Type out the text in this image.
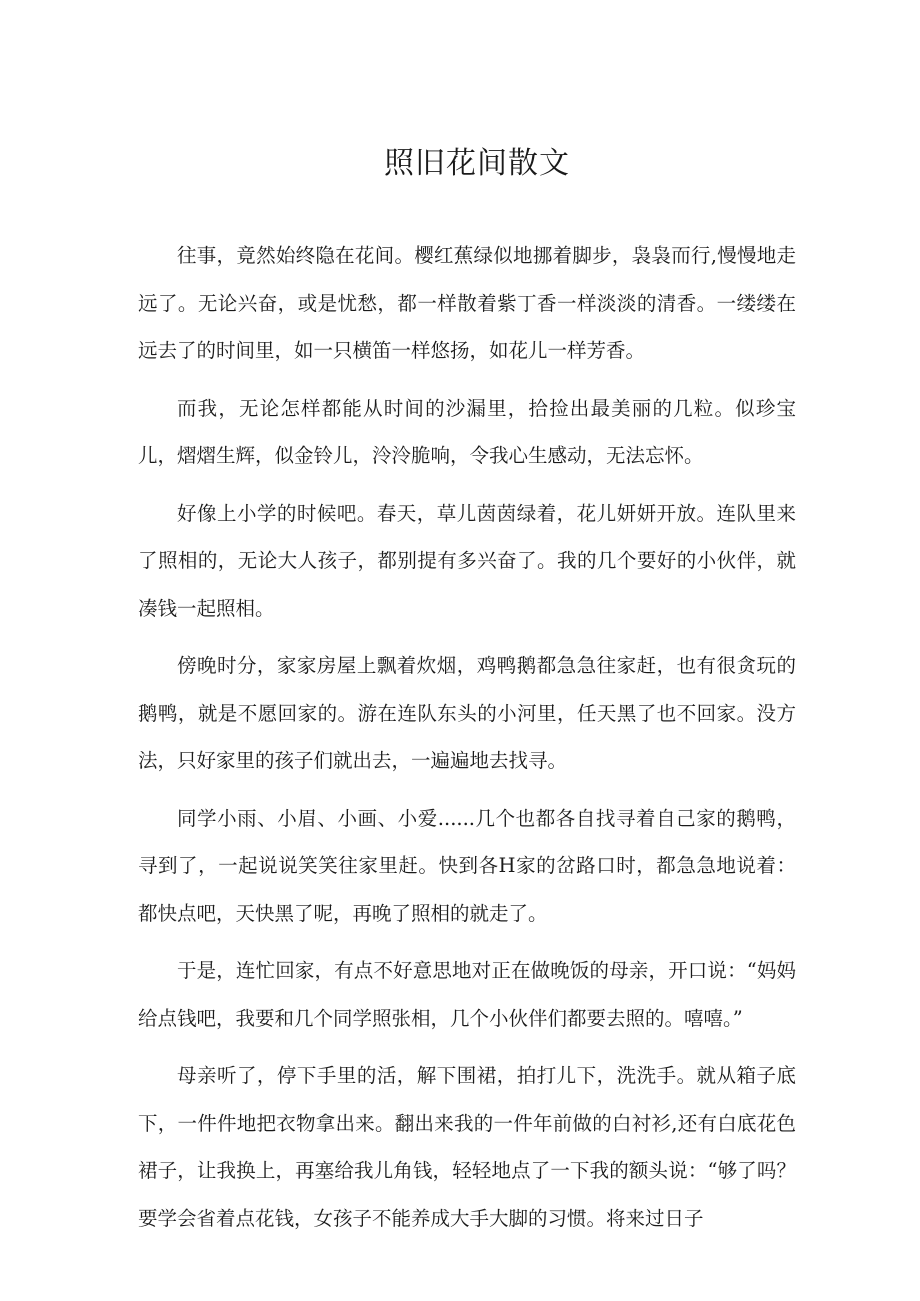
照旧花间散文

往事，竟然始终隐在花间。樱红蕉绿似地挪着脚步，袅袅而行,慢慢地走远了。无论兴奋，或是忧愁，都一样散着紫丁香一样淡淡的清香。一缕缕在远去了的时间里，如一只横笛一样悠扬，如花儿一样芳香。

而我，无论怎样都能从时间的沙漏里，拾捡出最美丽的几粒。似珍宝儿，熠熠生辉，似金铃儿，泠泠脆响，令我心生感动，无法忘怀。

好像上小学的时候吧。春天，草儿茵茵绿着，花儿妍妍开放。连队里来了照相的，无论大人孩子，都别提有多兴奋了。我的几个要好的小伙伴，就凑钱一起照相。

傍晚时分，家家房屋上飘着炊烟，鸡鸭鹅都急急往家赶，也有很贪玩的鹅鸭，就是不愿回家的。游在连队东头的小河里，任天黑了也不回家。没方法，只好家里的孩子们就出去，一遍遍地去找寻。

同学小雨、小眉、小画、小爱......几个也都各自找寻着自己家的鹅鸭，寻到了，一起说说笑笑往家里赶。快到各H家的岔路口时，都急急地说着：都快点吧，天快黑了呢，再晚了照相的就走了。

于是，连忙回家，有点不好意思地对正在做晚饭的母亲，开口说：“妈妈给点钱吧，我要和几个同学照张相，几个小伙伴们都要去照的。嘻嘻。”

母亲听了，停下手里的活，解下围裙，拍打儿下，洗洗手。就从箱子底下，一件件地把衣物拿出来。翻出来我的一件年前做的白衬衫,还有白底花色裙子，让我换上，再塞给我儿角钱，轻轻地点了一下我的额头说：“够了吗？要学会省着点花钱，女孩子不能养成大手大脚的习惯。将来过日子
